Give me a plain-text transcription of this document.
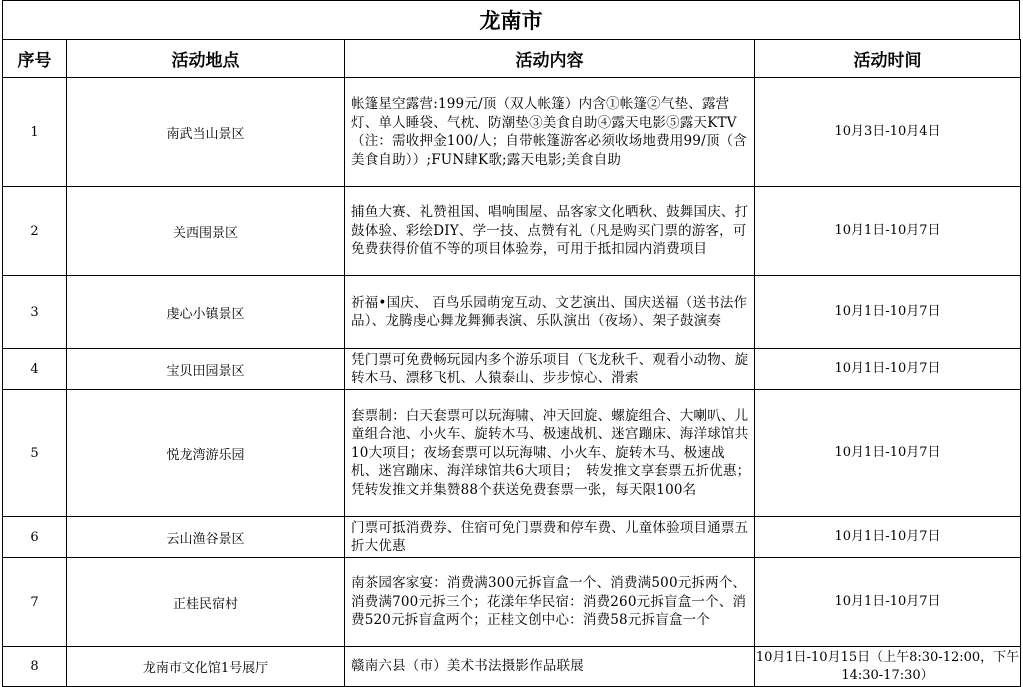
龙南市
序号	活动地点	活动内容	活动时间
1	南武当山景区	帐篷星空露营:199元/顶（双人帐篷）内含①帐篷②气垫、露营灯、单人睡袋、气枕、防潮垫③美食自助④露天电影⑤露天KTV（注：需收押金100/人；自带帐篷游客必须收场地费用99/顶（含美食自助））;FUN肆K歌;露天电影;美食自助	10月3日-10月4日
2	关西围景区	捕鱼大赛、礼赞祖国、唱响围屋、品客家文化晒秋、鼓舞国庆、打鼓体验、彩绘DIY、学一技、点赞有礼（凡是购买门票的游客，可免费获得价值不等的项目体验券，可用于抵扣园内消费项目	10月1日-10月7日
3	虔心小镇景区	祈福•国庆、 百鸟乐园萌宠互动、文艺演出、国庆送福（送书法作品）、龙腾虔心舞龙舞狮表演、乐队演出（夜场）、架子鼓演奏	10月1日-10月7日
4	宝贝田园景区	凭门票可免费畅玩园内多个游乐项目（飞龙秋千、观看小动物、旋转木马、漂移飞机、人猿泰山、步步惊心、滑索	10月1日-10月7日
5	悦龙湾游乐园	套票制：白天套票可以玩海啸、冲天回旋、螺旋组合、大喇叭、儿童组合池、小火车、旋转木马、极速战机、迷宫蹦床、海洋球馆共10大项目；夜场套票可以玩海啸、小火车、旋转木马、极速战机、迷宫蹦床、海洋球馆共6大项目；　转发推文享套票五折优惠；　凭转发推文并集赞88个获送免费套票一张，每天限100名	10月1日-10月7日
6	云山渔谷景区	门票可抵消费券、住宿可免门票费和停车费、儿童体验项目通票五折大优惠	10月1日-10月7日
7	正桂民宿村	南茶园客家宴：消费满300元拆盲盒一个、消费满500元拆两个、消费满700元拆三个；花漾年华民宿：消费260元拆盲盒一个、消费520元拆盲盒两个；正桂文创中心：消费58元拆盲盒一个	10月1日-10月7日
8	龙南市文化馆1号展厅	赣南六县（市）美术书法摄影作品联展	10月1日-10月15日（上午8:30-12:00，下午14:30-17:30）
